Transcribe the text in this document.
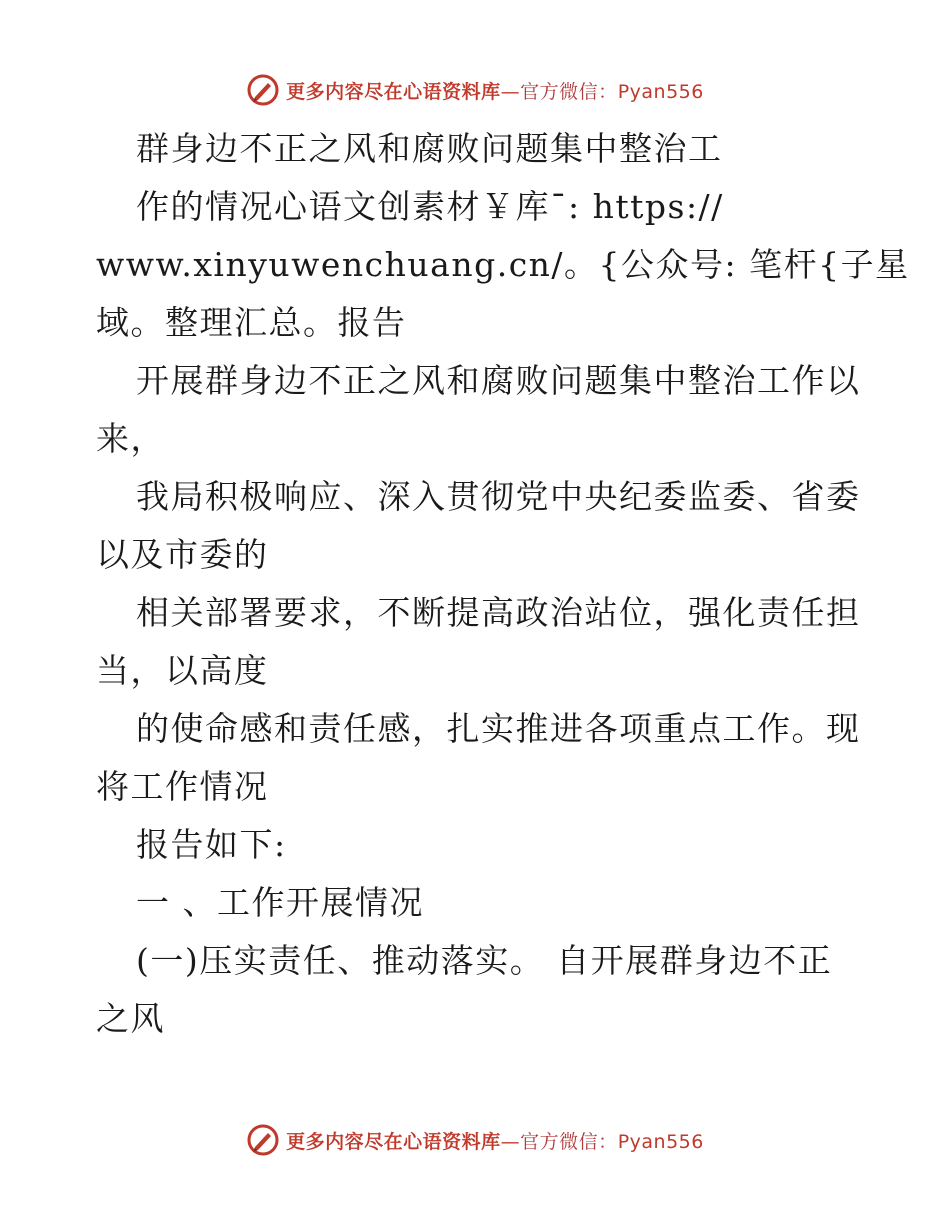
更多内容尽在心语资料库—官方微信：Pyan556
群身边不正之风和腐败问题集中整治工
作的情况心语文创素材￥库¯: https://
www.xinyuwenchuang.cn/。{公众号: 笔杆{子星
域。整理汇总。报告
开展群身边不正之风和腐败问题集中整治工作以
来，
我局积极响应、深入贯彻党中央纪委监委、省委
以及市委的
相关部署要求，不断提高政治站位，强化责任担
当，以高度
的使命感和责任感，扎实推进各项重点工作。现
将工作情况
报告如下:
一 、工作开展情况
(一)压实责任、推动落实。 自开展群身边不正
之风
更多内容尽在心语资料库—官方微信：Pyan556
